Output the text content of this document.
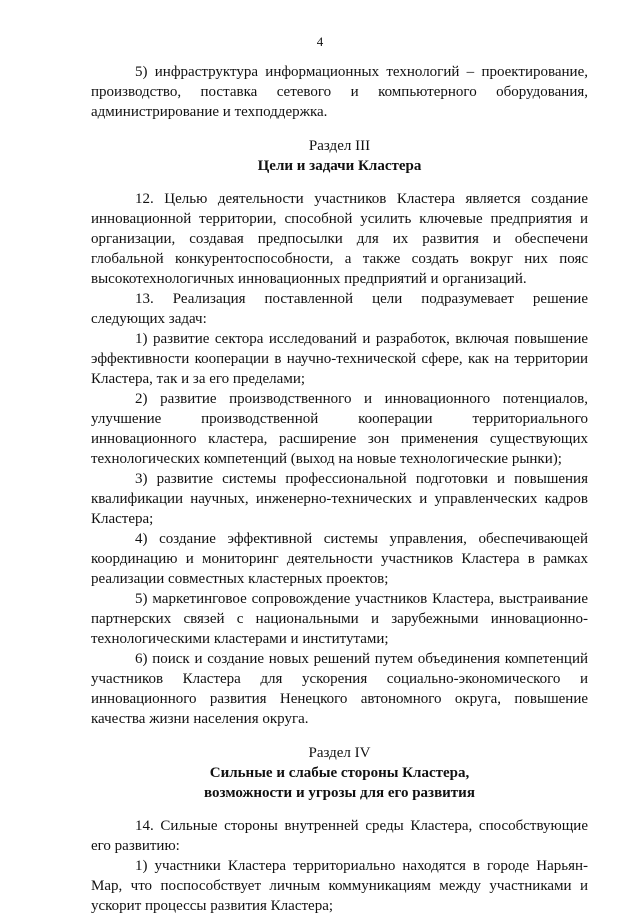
4

5) инфраструктура информационных технологий – проектирование, производство, поставка сетевого и компьютерного оборудования, администрирование и техподдержка.

Раздел III

Цели и задачи Кластера

12. Целью деятельности участников Кластера является создание инновационной территории, способной усилить ключевые предприятия и организации, создавая предпосылки для их развития и обеспечени глобальной конкурентоспособности, а также создать вокруг них пояс высокотехнологичных инновационных предприятий и организаций.

13. Реализация поставленной цели подразумевает решение следующих задач:

1) развитие сектора исследований и разработок, включая повышение эффективности кооперации в научно-технической сфере, как на территории Кластера, так и за его пределами;

2) развитие производственного и инновационного потенциалов, улучшение производственной кооперации территориального инновационного кластера, расширение зон применения существующих технологических компетенций (выход на новые технологические рынки);

3) развитие системы профессиональной подготовки и повышения квалификации научных, инженерно-технических и управленческих кадров Кластера;

4) создание эффективной системы управления, обеспечивающей координацию и мониторинг деятельности участников Кластера в рамках реализации совместных кластерных проектов;

5) маркетинговое сопровождение участников Кластера, выстраивание партнерских связей с национальными и зарубежными инновационно-технологическими кластерами и институтами;

6) поиск и создание новых решений путем объединения компетенций участников Кластера для ускорения социально-экономического и инновационного развития Ненецкого автономного округа, повышение качества жизни населения округа.

Раздел IV

Сильные и слабые стороны Кластера,

возможности и угрозы для его развития

14. Сильные стороны внутренней среды Кластера, способствующие его развитию:

1) участники Кластера территориально находятся в городе Нарьян-Мар, что поспособствует личным коммуникациям между участниками и ускорит процессы развития Кластера;
